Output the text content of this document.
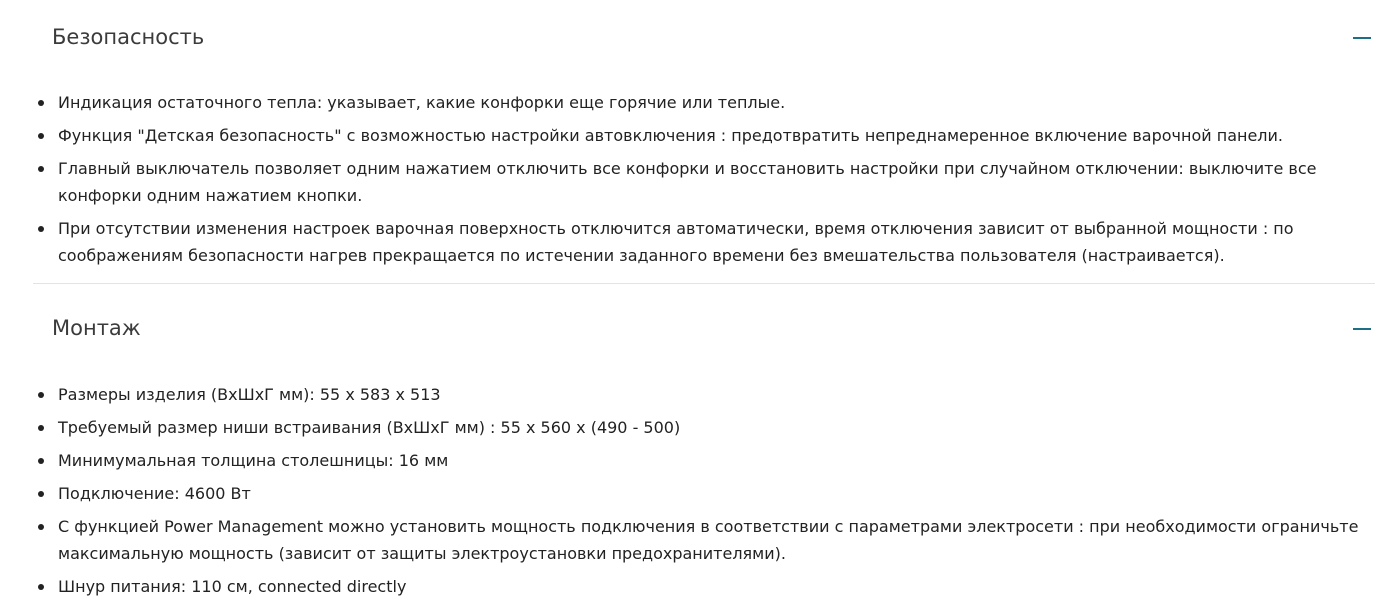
Безопасность
Индикация остаточного тепла: указывает, какие конфорки еще горячие или теплые.
Функция "Детская безопасность" с возможностью настройки автовключения : предотвратить непреднамеренное включение варочной панели.
Главный выключатель позволяет одним нажатием отключить все конфорки и восстановить настройки при случайном отключении: выключите все конфорки одним нажатием кнопки.
При отсутствии изменения настроек варочная поверхность отключится автоматически, время отключения зависит от выбранной мощности : по соображениям безопасности нагрев прекращается по истечении заданного времени без вмешательства пользователя (настраивается).
Монтаж
Размеры изделия (ВхШхГ мм): 55 x 583 x 513
Требуемый размер ниши встраивания (ВхШхГ мм) : 55 x 560 x (490 - 500)
Минимумальная толщина столешницы: 16 мм
Подключение: 4600 Вт
С функцией Power Management можно установить мощность подключения в соответствии с параметрами электросети : при необходимости ограничьте максимальную мощность (зависит от защиты электроустановки предохранителями).
Шнур питания: 110 см, connected directly
